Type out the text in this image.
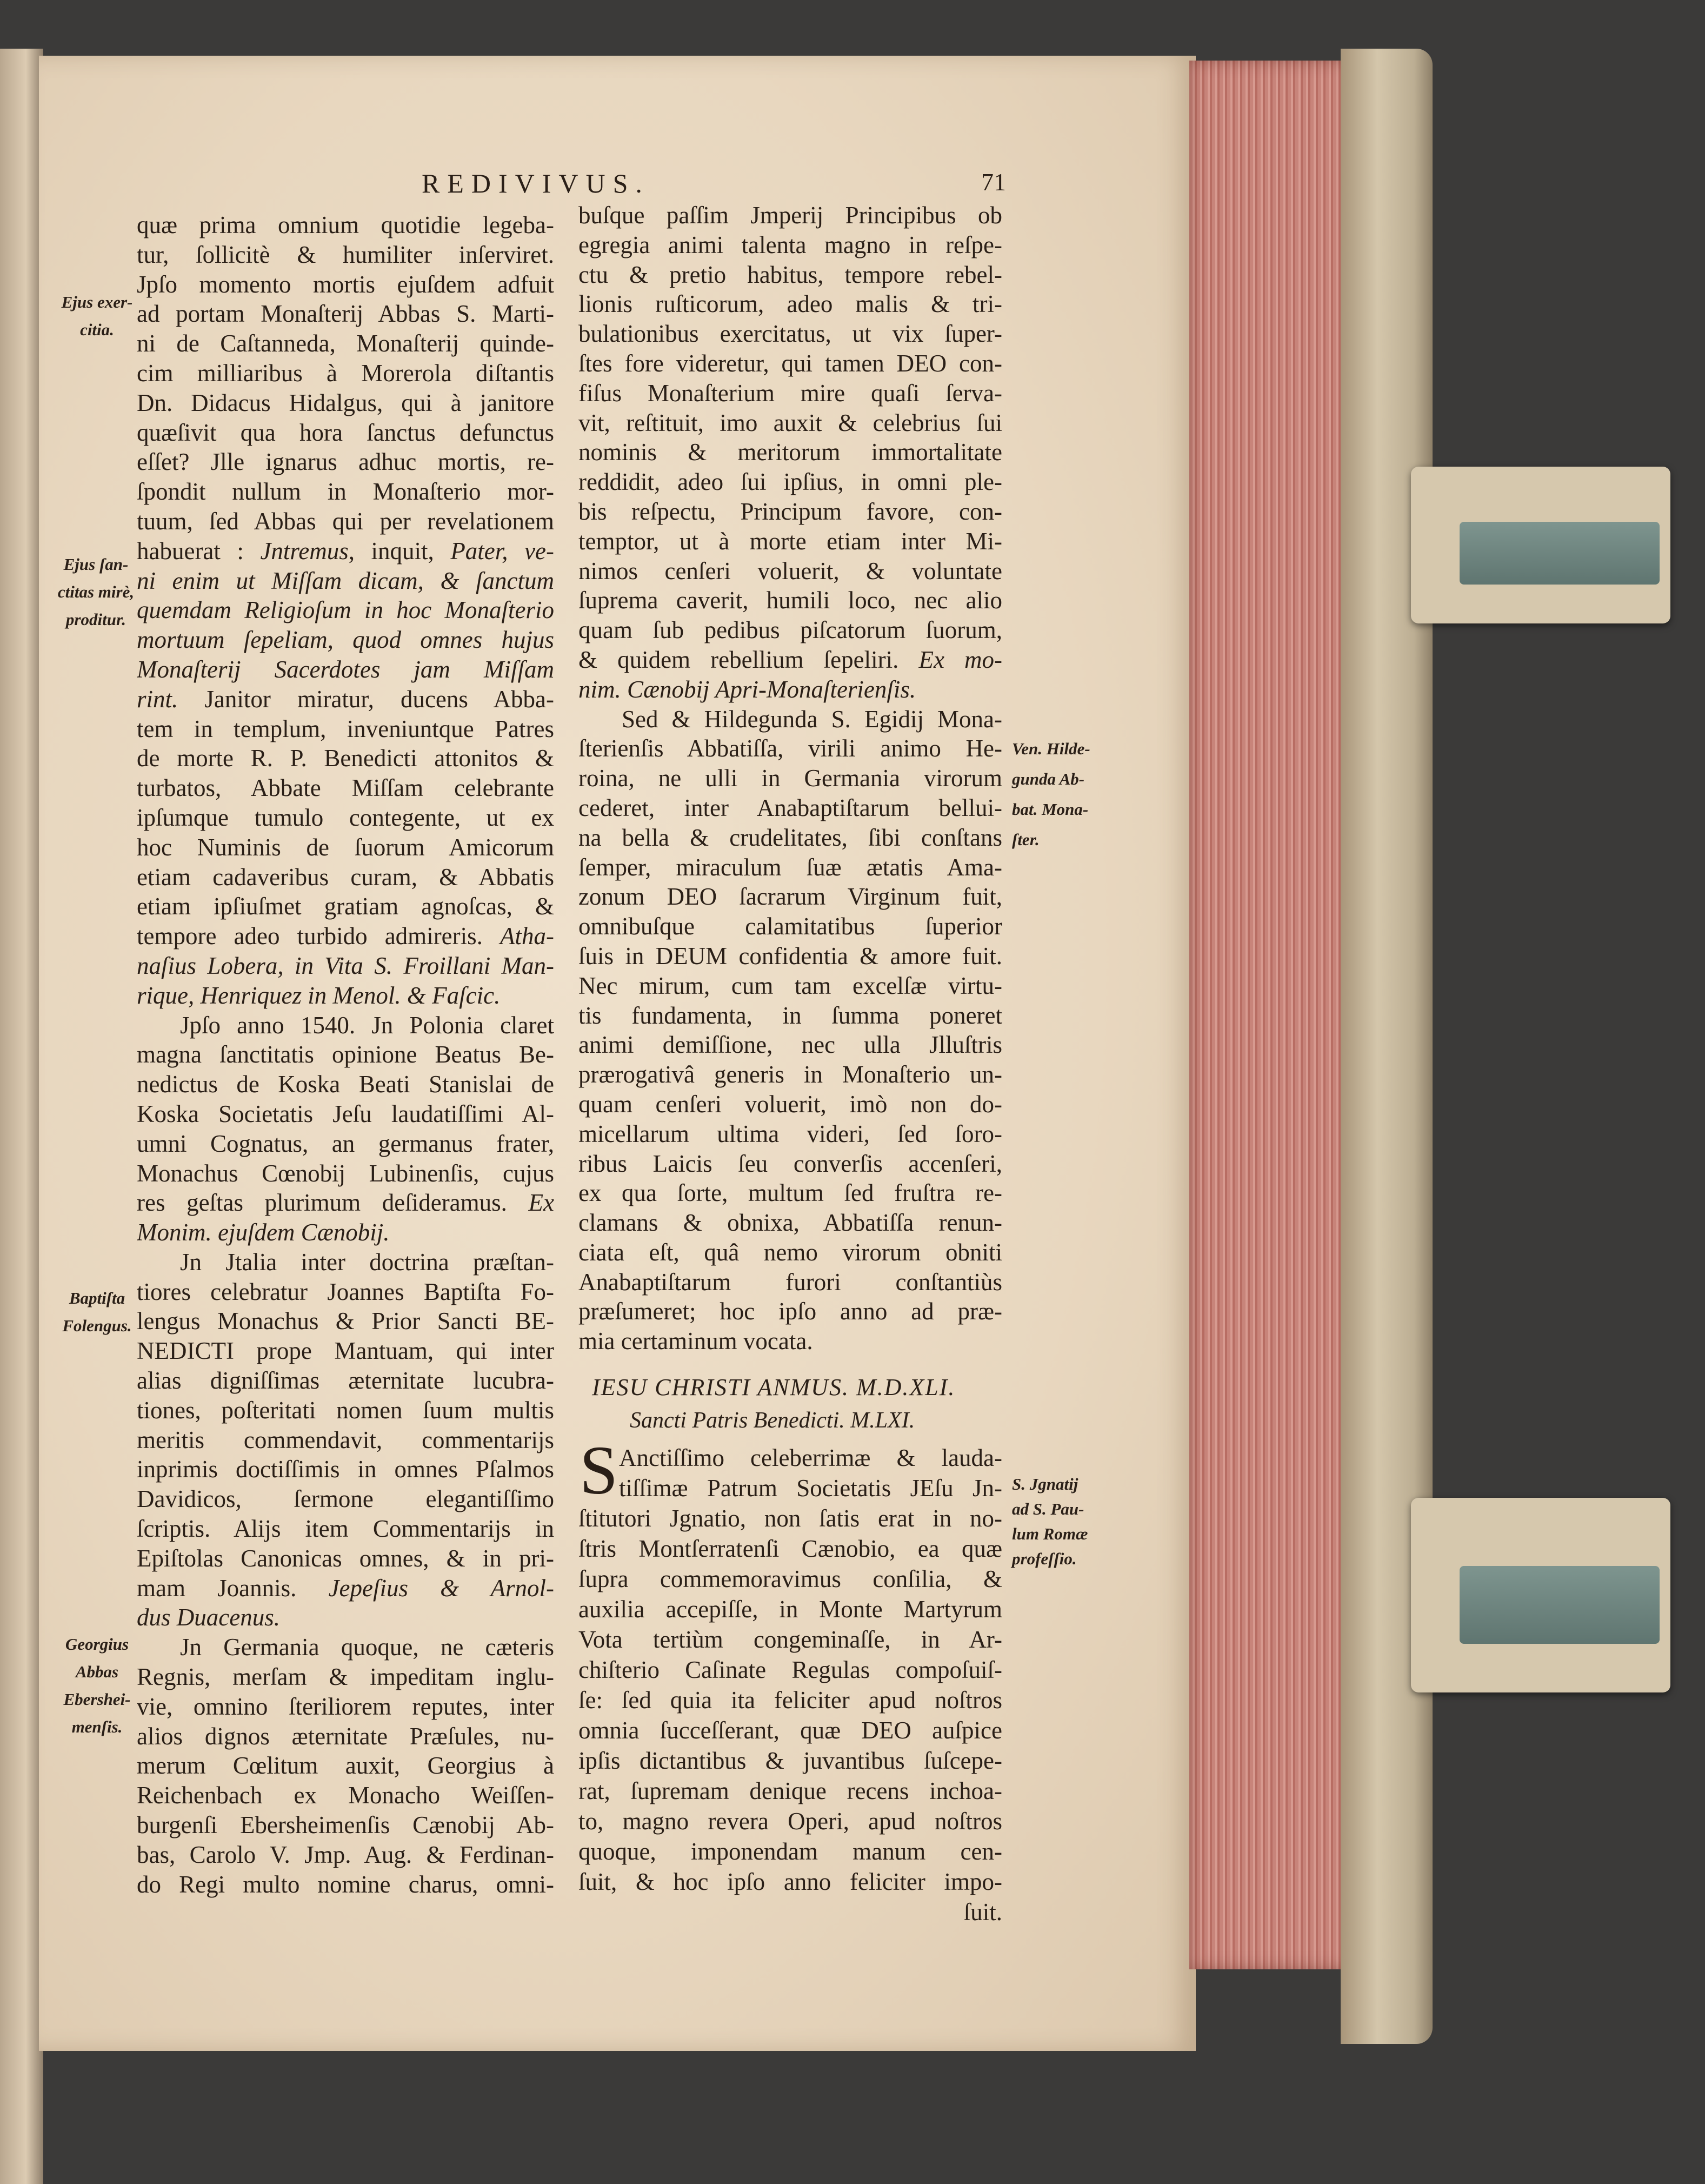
REDIVIVUS.	71
quæ prima omnium quotidie legeba-
tur, ſollicitè & humiliter inſerviret.
Jpſo momento mortis ejuſdem adfuit
ad portam Monaſterij Abbas S. Marti-
ni de Caſtanneda, Monaſterij quinde-
cim milliaribus à Morerola diſtantis
Dn. Didacus Hidalgus, qui à janitore
quæſivit qua hora ſanctus defunctus
eſſet? Jlle ignarus adhuc mortis, re-
ſpondit nullum in Monaſterio mor-
tuum, ſed Abbas qui per revelationem
habuerat : Jntremus, inquit, Pater, ve-
ni enim ut Miſſam dicam, & ſanctum
quemdam Religioſum in hoc Monaſterio
mortuum ſepeliam, quod omnes hujus
Monaſterij Sacerdotes jam Miſſam
rint. Janitor miratur, ducens Abba-
tem in templum, inveniuntque Patres
de morte R. P. Benedicti attonitos &
turbatos, Abbate Miſſam celebrante
ipſumque tumulo contegente, ut ex
hoc Numinis de ſuorum Amicorum
etiam cadaveribus curam, & Abbatis
etiam ipſiuſmet gratiam agnoſcas, &
tempore adeo turbido admireris. Atha-
naſius Lobera, in Vita S. Froillani Man-
rique, Henriquez in Menol. & Faſcic.
Jpſo anno 1540. Jn Polonia claret
magna ſanctitatis opinione Beatus Be-
nedictus de Koska Beati Stanislai de
Koska Societatis Jeſu laudatiſſimi Al-
umni Cognatus, an germanus frater,
Monachus Cœnobij Lubinenſis, cujus
res geſtas plurimum deſideramus. Ex
Monim. ejuſdem Cænobij.
Jn Jtalia inter doctrina præſtan-
tiores celebratur Joannes Baptiſta Fo-
lengus Monachus & Prior Sancti BE-
NEDICTI prope Mantuam, qui inter
alias digniſſimas æternitate lucubra-
tiones, poſteritati nomen ſuum multis
meritis commendavit, commentarijs
inprimis doctiſſimis in omnes Pſalmos
Davidicos, ſermone elegantiſſimo
ſcriptis. Alijs item Commentarijs in
Epiſtolas Canonicas omnes, & in pri-
mam Joannis. Jepeſius & Arnol-
dus Duacenus.
Jn Germania quoque, ne cæteris
Regnis, merſam & impeditam inglu-
vie, omnino ſteriliorem reputes, inter
alios dignos æternitate Præſules, nu-
merum Cœlitum auxit, Georgius à
Reichenbach ex Monacho Weiſſen-
burgenſi Ebersheimenſis Cænobij Ab-
bas, Carolo V. Jmp. Aug. & Ferdinan-
do Regi multo nomine charus, omni-
buſque paſſim Jmperij Principibus ob
egregia animi talenta magno in reſpe-
ctu & pretio habitus, tempore rebel-
lionis ruſticorum, adeo malis & tri-
bulationibus exercitatus, ut vix ſuper-
ſtes fore videretur, qui tamen DEO con-
fiſus Monaſterium mire quaſi ſerva-
vit, reſtituit, imo auxit & celebrius ſui
nominis & meritorum immortalitate
reddidit, adeo ſui ipſius, in omni ple-
bis reſpectu, Principum favore, con-
temptor, ut à morte etiam inter Mi-
nimos cenſeri voluerit, & voluntate
ſuprema caverit, humili loco, nec alio
quam ſub pedibus piſcatorum ſuorum,
& quidem rebellium ſepeliri. Ex mo-
nim. Cænobij Apri-Monaſterienſis.
Sed & Hildegunda S. Egidij Mona-
ſterienſis Abbatiſſa, virili animo He-
roina, ne ulli in Germania virorum
cederet, inter Anabaptiſtarum bellui-
na bella & crudelitates, ſibi conſtans
ſemper, miraculum ſuæ ætatis Ama-
zonum DEO ſacrarum Virginum fuit,
omnibuſque calamitatibus ſuperior
ſuis in DEUM confidentia & amore fuit.
Nec mirum, cum tam excelſæ virtu-
tis fundamenta, in ſumma poneret
animi demiſſione, nec ulla Jlluſtris
prærogativâ generis in Monaſterio un-
quam cenſeri voluerit, imò non do-
micellarum ultima videri, ſed ſoro-
ribus Laicis ſeu converſis accenſeri,
ex qua ſorte, multum ſed fruſtra re-
clamans & obnixa, Abbatiſſa renun-
ciata eſt, quâ nemo virorum obniti
Anabaptiſtarum furori conſtantiùs
præſumeret; hoc ipſo anno ad præ-
mia certaminum vocata.
IESU CHRISTI ANMUS. M.D.XLI.
Sancti Patris Benedicti. M.LXI.
S Anctiſſimo celeberrimæ & lauda-
tiſſimæ Patrum Societatis JEſu Jn-
ſtitutori Jgnatio, non ſatis erat in no-
ſtris Montſerratenſi Cænobio, ea quæ
ſupra commemoravimus conſilia, &
auxilia accepiſſe, in Monte Martyrum
Vota tertiùm congeminaſſe, in Ar-
chiſterio Caſinate Regulas compoſuiſ-
ſe: ſed quia ita feliciter apud noſtros
omnia ſucceſſerant, quæ DEO auſpice
ipſis dictantibus & juvantibus ſuſcepe-
rat, ſupremam denique recens inchoa-
to, magno revera Operi, apud noſtros
quoque, imponendam manum cen-
ſuit, & hoc ipſo anno feliciter impo-
ſuit.
Ejus exer-
citia.
Ejus ſan-
ctitas mirè,
proditur.
Baptiſta
Folengus.
Georgius
Abbas
Ebershei-
menſis.
Ven. Hilde-
gunda Ab-
bat. Mona-
ſter.
S. Jgnatij
ad S. Pau-
lum Romæ
profeſſio.
